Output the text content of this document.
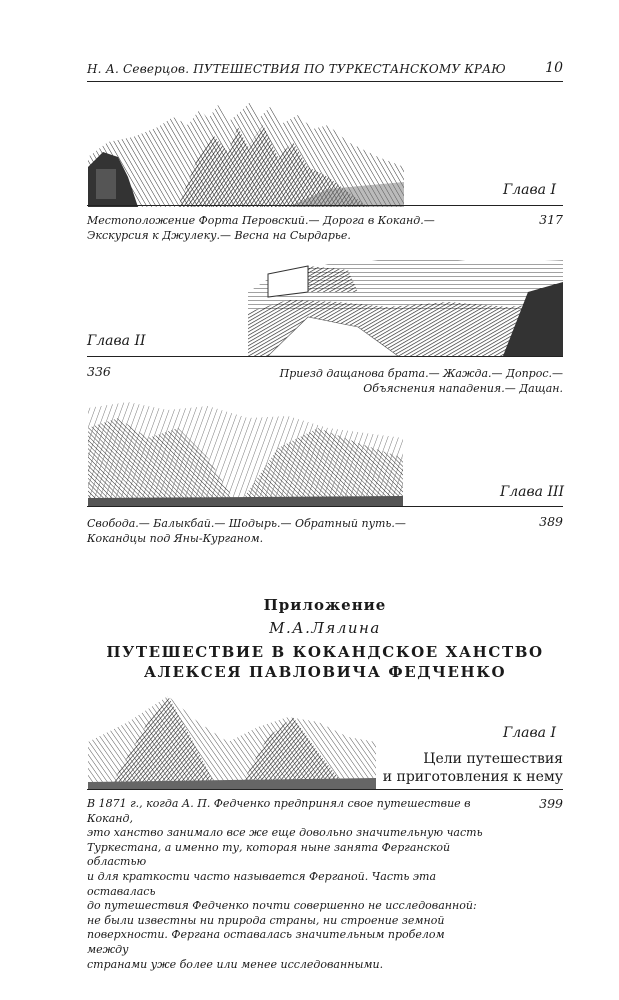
Н. А. Северцов. ПУТЕШЕСТВИЯ ПО ТУРКЕСТАНСКОМУ КРАЮ	10
Глава I
Местоположение Форта Перовский.— Дорога в Коканд.—
Экскурсия к Джулеку.— Весна на Сырдарье.
317
Глава II
336	Приезд дащанова брата.— Жажда.— Допрос.—
Объяснения нападения.— Дащан.
Глава III
Свобода.— Балыкбай.— Шодырь.— Обратный путь.—
Кокандцы под Яны-Курганом.
389
Приложение
М.А.Лялина
ПУТЕШЕСТВИЕ В КОКАНДСКОЕ ХАНСТВО
АЛЕКСЕЯ ПАВЛОВИЧА ФЕДЧЕНКО
Глава I
Цели путешествия
и приготовления к нему
399
В 1871 г., когда А. П. Федченко предпринял свое путешествие в Коканд,
это ханство занимало все же еще довольно значительную часть
Туркестана, а именно ту, которая ныне занята Ферганской областью
и для краткости часто называется Ферганой. Часть эта оставалась
до путешествия Федченко почти совершенно не исследованной:
не были известны ни природа страны, ни строение земной
поверхности. Фергана оставалась значительным пробелом между
странами уже более или менее исследованными.
